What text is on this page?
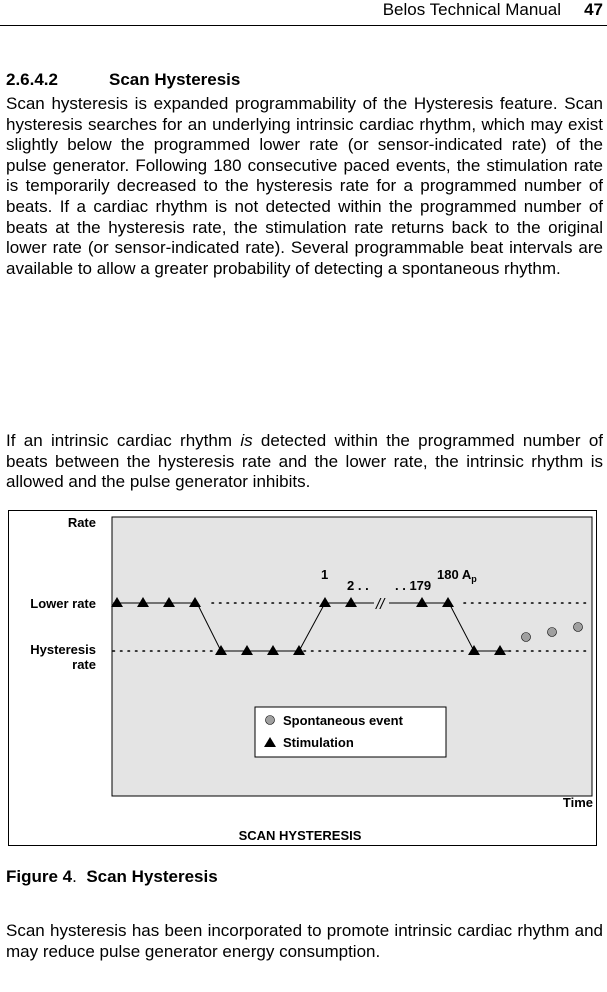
Belos Technical Manual 47
2.6.4.2	Scan Hysteresis

Scan hysteresis is expanded programmability of the Hysteresis feature. Scan hysteresis searches for an underlying intrinsic cardiac rhythm, which may exist slightly below the programmed lower rate (or sensor-indicated rate) of the pulse generator. Following 180 consecutive paced events, the stimulation rate is temporarily decreased to the hysteresis rate for a programmed number of beats. If a cardiac rhythm is not detected within the programmed number of beats at the hysteresis rate, the stimulation rate returns back to the original lower rate (or sensor-indicated rate). Several programmable beat intervals are available to allow a greater probability of detecting a spontaneous rhythm.

If an intrinsic cardiac rhythm is detected within the programmed number of beats between the hysteresis rate and the lower rate, the intrinsic rhythm is allowed and the pulse generator inhibits.

//
1
2 . . . . 179
180 $A_p$
Rate
Lower rate
Hysteresis
rate
Time
SCAN HYSTERESIS
Spontaneous event
Stimulation
Figure 4. Scan Hysteresis

Scan hysteresis has been incorporated to promote intrinsic cardiac rhythm and may reduce pulse generator energy consumption.
